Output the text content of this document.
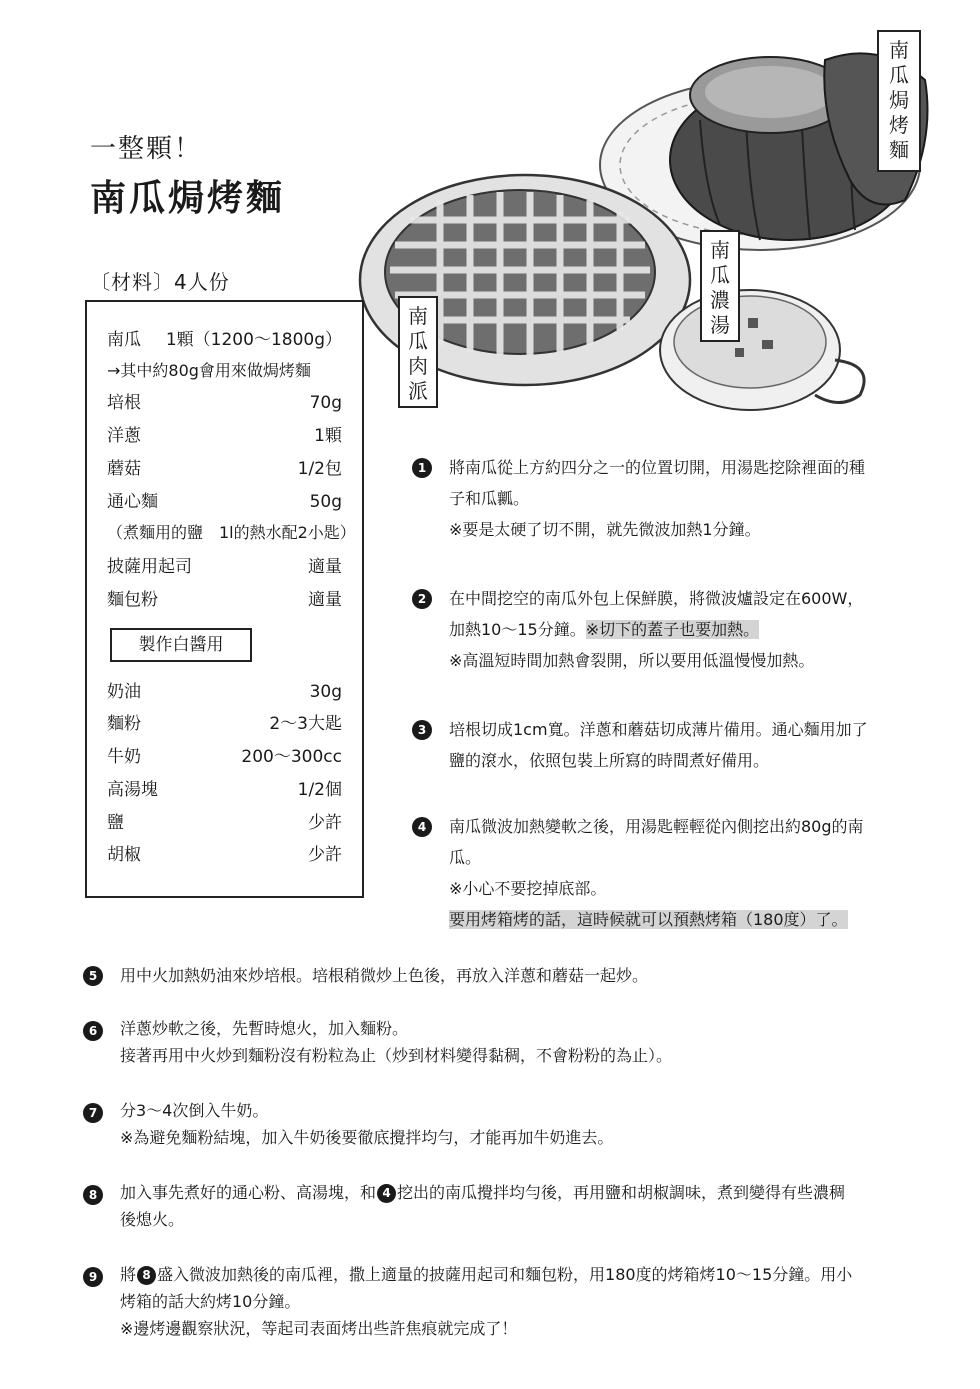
南
瓜
焗
烤
麵
南
瓜
濃
湯
南
瓜
肉
派
一整顆！
南瓜焗烤麵
〔材料〕4人份
南瓜 1顆（1200～1800g）
→其中約80g會用來做焗烤麵
培根	70g
洋蔥	1顆
蘑菇	1/2包
通心麵	50g
（煮麵用的鹽　1l的熱水配2小匙）
披薩用起司	適量
麵包粉	適量
製作白醬用
奶油	30g
麵粉	2～3大匙
牛奶	200～300cc
高湯塊	1/2個
鹽	少許
胡椒	少許
1	將南瓜從上方約四分之一的位置切開，用湯匙挖除裡面的種
子和瓜瓤。
※要是太硬了切不開，就先微波加熱1分鐘。
2	在中間挖空的南瓜外包上保鮮膜，將微波爐設定在600W，
加熱10～15分鐘。※切下的蓋子也要加熱。
※高溫短時間加熱會裂開，所以要用低溫慢慢加熱。
3	培根切成1cm寬。洋蔥和蘑菇切成薄片備用。通心麵用加了
鹽的滾水，依照包裝上所寫的時間煮好備用。
4	南瓜微波加熱變軟之後，用湯匙輕輕從內側挖出約80g的南
瓜。
※小心不要挖掉底部。
要用烤箱烤的話，這時候就可以預熱烤箱（180度）了。
5	用中火加熱奶油來炒培根。培根稍微炒上色後，再放入洋蔥和蘑菇一起炒。
6	洋蔥炒軟之後，先暫時熄火，加入麵粉。
接著再用中火炒到麵粉沒有粉粒為止（炒到材料變得黏稠，不會粉粉的為止）。
7	分3～4次倒入牛奶。
※為避免麵粉結塊，加入牛奶後要徹底攪拌均勻，才能再加牛奶進去。
8	加入事先煮好的通心粉、高湯塊，和 4 挖出的南瓜攪拌均勻後，再用鹽和胡椒調味，煮到變得有些濃稠
後熄火。
9	將 8 盛入微波加熱後的南瓜裡，撒上適量的披薩用起司和麵包粉，用180度的烤箱烤10～15分鐘。用小
烤箱的話大約烤10分鐘。
※邊烤邊觀察狀況，等起司表面烤出些許焦痕就完成了！
